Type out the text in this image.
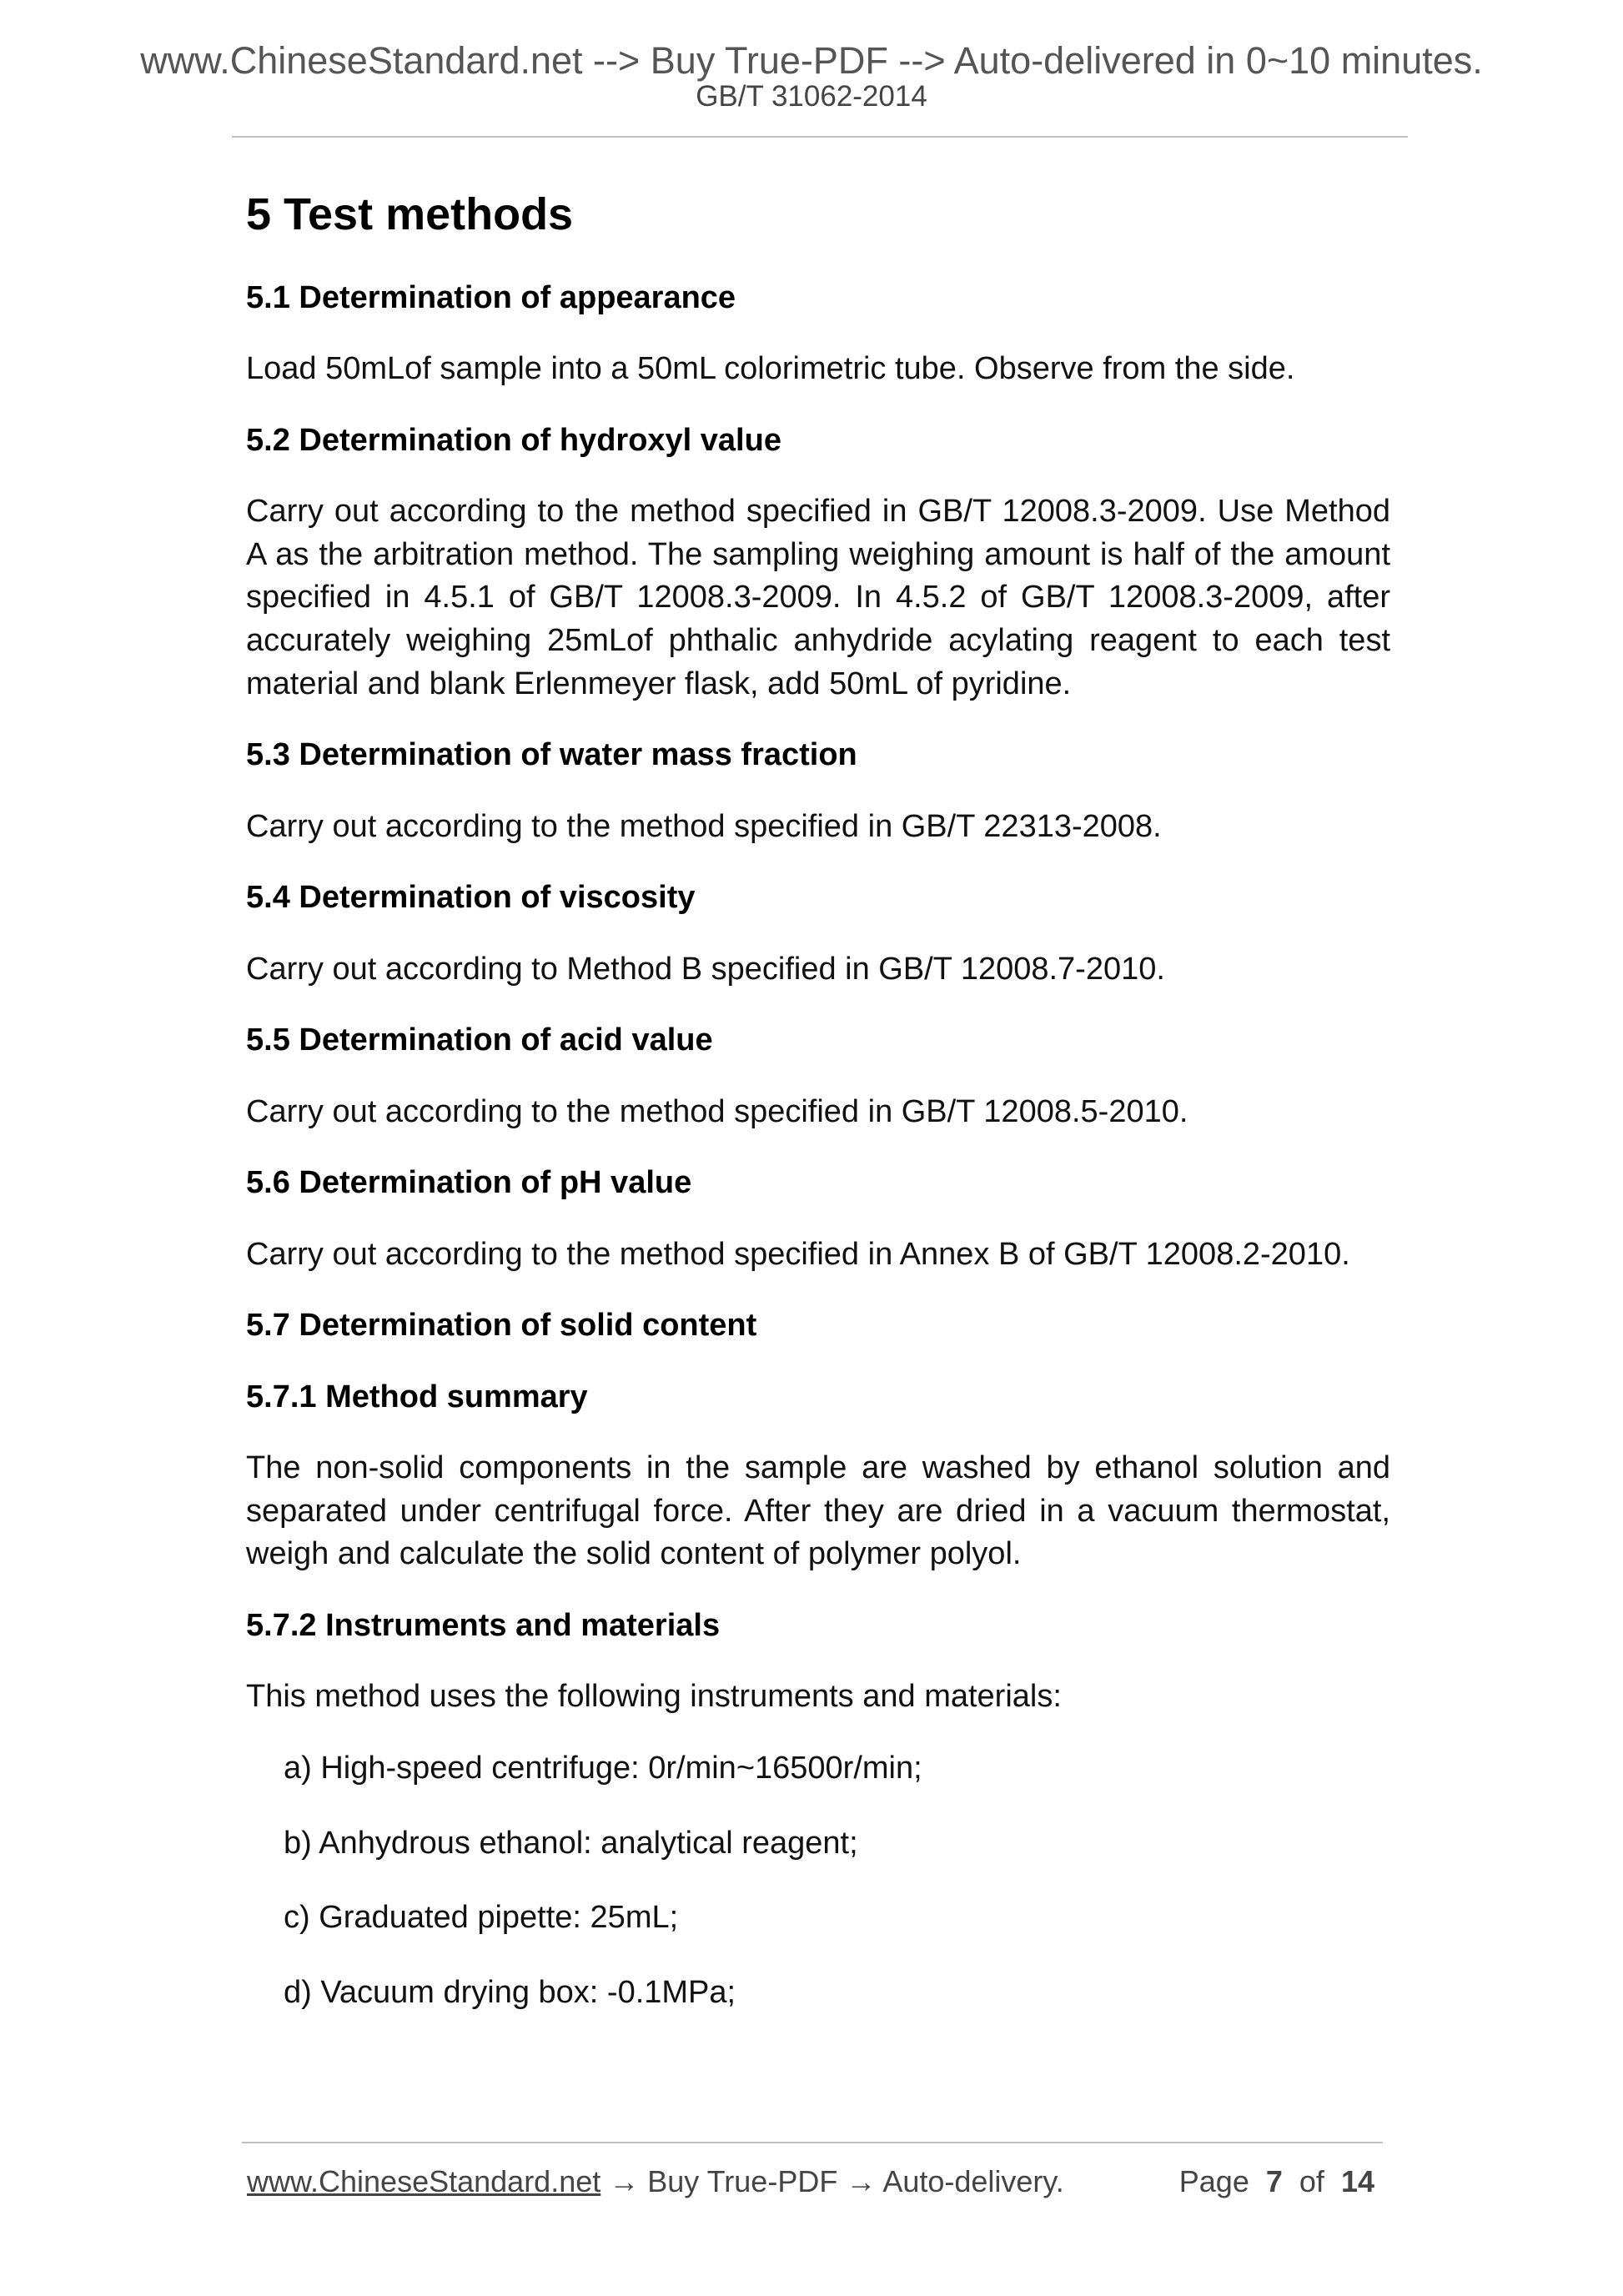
www.ChineseStandard.net --> Buy True-PDF --> Auto-delivered in 0~10 minutes.
GB/T 31062-2014
5 Test methods
5.1 Determination of appearance

Load 50mLof sample into a 50mL colorimetric tube. Observe from the side.

5.2 Determination of hydroxyl value

Carry out according to the method specified in GB/T 12008.3-2009. Use Method A as the arbitration method. The sampling weighing amount is half of the amount specified in 4.5.1 of GB/T 12008.3-2009. In 4.5.2 of GB/T 12008.3-2009, after accurately weighing 25mLof phthalic anhydride acylating reagent to each test material and blank Erlenmeyer flask, add 50mL of pyridine.

5.3 Determination of water mass fraction

Carry out according to the method specified in GB/T 22313-2008.

5.4 Determination of viscosity

Carry out according to Method B specified in GB/T 12008.7-2010.

5.5 Determination of acid value

Carry out according to the method specified in GB/T 12008.5-2010.

5.6 Determination of pH value

Carry out according to the method specified in Annex B of GB/T 12008.2-2010.

5.7 Determination of solid content
5.7.1 Method summary

The non-solid components in the sample are washed by ethanol solution and separated under centrifugal force. After they are dried in a vacuum thermostat, weigh and calculate the solid content of polymer polyol.

5.7.2 Instruments and materials

This method uses the following instruments and materials:

a) High-speed centrifuge: 0r/min~16500r/min;
b) Anhydrous ethanol: analytical reagent;
c) Graduated pipette: 25mL;
d) Vacuum drying box: -0.1MPa;
www.ChineseStandard.net → Buy True-PDF → Auto-delivery.	Page 7 of 14
